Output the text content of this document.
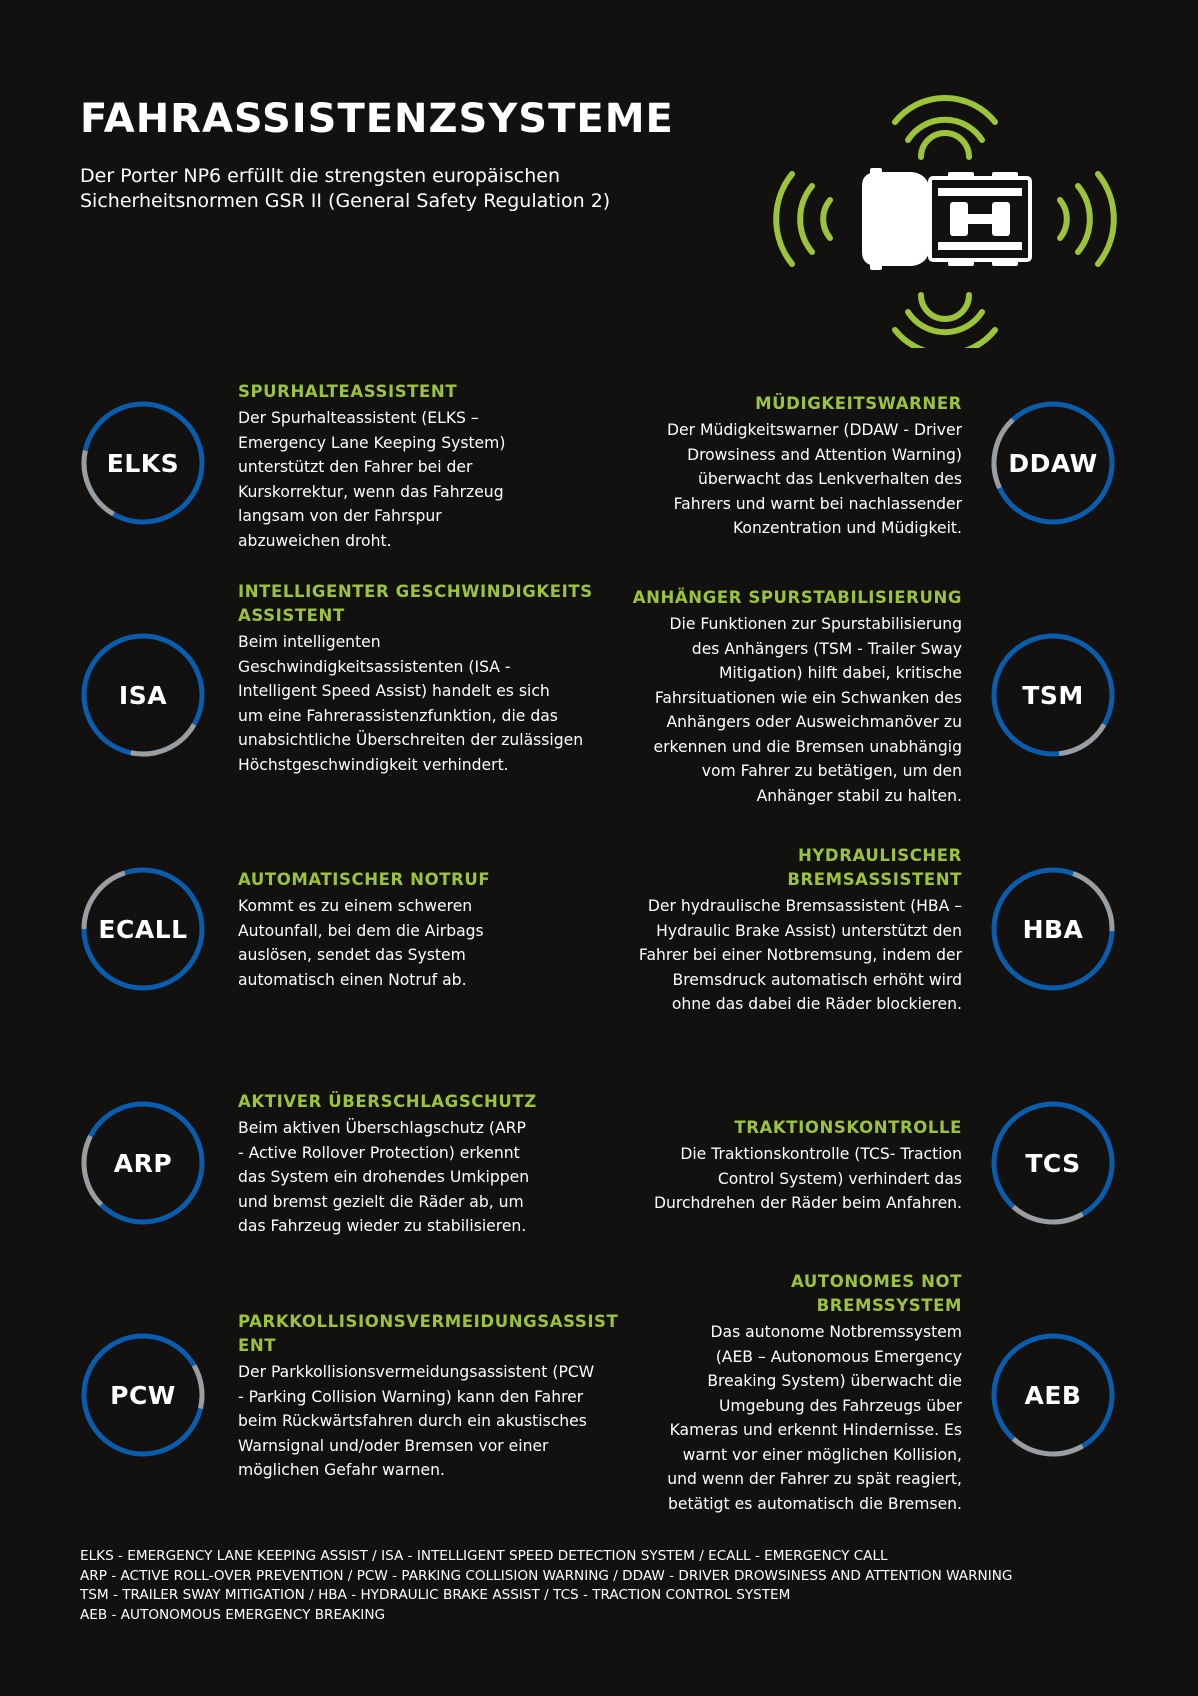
FAHRASSISTENZSYSTEME

Der Porter NP6 erfüllt die strengsten europäischen
Sicherheitsnormen GSR II (General Safety Regulation 2)

ELKS
SPURHALTEASSISTENT

Der Spurhalteassistent (ELKS –
Emergency Lane Keeping System)
unterstützt den Fahrer bei der
Kurskorrektur, wenn das Fahrzeug
langsam von der Fahrspur
abzuweichen droht.

MÜDIGKEITSWARNER

Der Müdigkeitswarner (DDAW - Driver
Drowsiness and Attention Warning)
überwacht das Lenkverhalten des
Fahrers und warnt bei nachlassender
Konzentration und Müdigkeit.

DDAW
ISA
INTELLIGENTER GESCHWINDIGKEITSASSISTENT

Beim intelligenten
Geschwindigkeitsassistenten (ISA -
Intelligent Speed Assist) handelt es sich
um eine Fahrerassistenzfunktion, die das
unabsichtliche Überschreiten der zulässigen
Höchstgeschwindigkeit verhindert.

ANHÄNGER SPURSTABILISIERUNG

Die Funktionen zur Spurstabilisierung
des Anhängers (TSM - Trailer Sway
Mitigation) hilft dabei, kritische
Fahrsituationen wie ein Schwanken des
Anhängers oder Ausweichmanöver zu
erkennen und die Bremsen unabhängig
vom Fahrer zu betätigen, um den
Anhänger stabil zu halten.

TSM
ECALL
AUTOMATISCHER NOTRUF

Kommt es zu einem schweren
Autounfall, bei dem die Airbags
auslösen, sendet das System
automatisch einen Notruf ab.

HYDRAULISCHER BREMSASSISTENT

Der hydraulische Bremsassistent (HBA –
Hydraulic Brake Assist) unterstützt den
Fahrer bei einer Notbremsung, indem der
Bremsdruck automatisch erhöht wird
ohne das dabei die Räder blockieren.

HBA
ARP
AKTIVER ÜBERSCHLAGSCHUTZ

Beim aktiven Überschlagschutz (ARP
- Active Rollover Protection) erkennt
das System ein drohendes Umkippen
und bremst gezielt die Räder ab, um
das Fahrzeug wieder zu stabilisieren.

TRAKTIONSKONTROLLE

Die Traktionskontrolle (TCS- Traction
Control System) verhindert das
Durchdrehen der Räder beim Anfahren.

TCS
PCW
PARKKOLLISIONSVERMEIDUNGSASSISTENT

Der Parkkollisionsvermeidungsassistent (PCW
- Parking Collision Warning) kann den Fahrer
beim Rückwärtsfahren durch ein akustisches
Warnsignal und/oder Bremsen vor einer
möglichen Gefahr warnen.

AUTONOMES NOTBREMSSYSTEM

Das autonome Notbremssystem
(AEB – Autonomous Emergency
Breaking System) überwacht die
Umgebung des Fahrzeugs über
Kameras und erkennt Hindernisse. Es
warnt vor einer möglichen Kollision,
und wenn der Fahrer zu spät reagiert,
betätigt es automatisch die Bremsen.

AEB

ELKS - EMERGENCY LANE KEEPING ASSIST / ISA - INTELLIGENT SPEED DETECTION SYSTEM / ECALL - EMERGENCY CALL
ARP - ACTIVE ROLL-OVER PREVENTION / PCW - PARKING COLLISION WARNING / DDAW - DRIVER DROWSINESS AND ATTENTION WARNING
TSM - TRAILER SWAY MITIGATION / HBA - HYDRAULIC BRAKE ASSIST / TCS - TRACTION CONTROL SYSTEM
AEB - AUTONOMOUS EMERGENCY BREAKING
